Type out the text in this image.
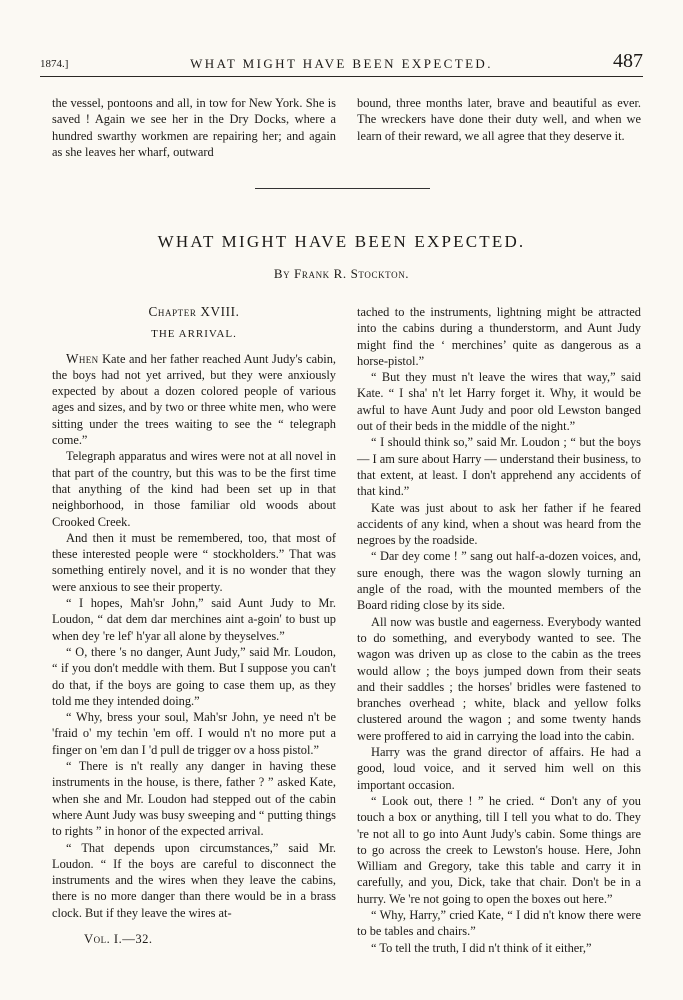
1874.]	WHAT MIGHT HAVE BEEN EXPECTED.	487

the vessel, pontoons and all, in tow for New York. She is saved ! Again we see her in the Dry Docks, where a hundred swarthy workmen are repairing her; and again as she leaves her wharf, outward

bound, three months later, brave and beautiful as ever. The wreckers have done their duty well, and when we learn of their reward, we all agree that they deserve it.

WHAT MIGHT HAVE BEEN EXPECTED.
By Frank R. Stockton.
Chapter XVIII.
THE ARRIVAL.

When Kate and her father reached Aunt Judy's cabin, the boys had not yet arrived, but they were anxiously expected by about a dozen colored people of various ages and sizes, and by two or three white men, who were sitting under the trees waiting to see the “ telegraph come.”

Telegraph apparatus and wires were not at all novel in that part of the country, but this was to be the first time that anything of the kind had been set up in that neighborhood, in those familiar old woods about Crooked Creek.

And then it must be remembered, too, that most of these interested people were “ stockholders.” That was something entirely novel, and it is no wonder that they were anxious to see their property.

“ I hopes, Mah'sr John,” said Aunt Judy to Mr. Loudon, “ dat dem dar merchines aint a-goin' to bust up when dey 're lef' h'yar all alone by theyselves.”

“ O, there 's no danger, Aunt Judy,” said Mr. Loudon, “ if you don't meddle with them. But I suppose you can't do that, if the boys are going to case them up, as they told me they intended doing.”

“ Why, bress your soul, Mah'sr John, ye need n't be 'fraid o' my techin 'em off. I would n't no more put a finger on 'em dan I 'd pull de trigger ov a hoss pistol.”

“ There is n't really any danger in having these instruments in the house, is there, father ? ” asked Kate, when she and Mr. Loudon had stepped out of the cabin where Aunt Judy was busy sweeping and “ putting things to rights ” in honor of the expected arrival.

“ That depends upon circumstances,” said Mr. Loudon. “ If the boys are careful to disconnect the instruments and the wires when they leave the cabins, there is no more danger than there would be in a brass clock. But if they leave the wires at-

tached to the instruments, lightning might be attracted into the cabins during a thunderstorm, and Aunt Judy might find the ‘ merchines’ quite as dangerous as a horse-pistol.”

“ But they must n't leave the wires that way,” said Kate. “ I sha' n't let Harry forget it. Why, it would be awful to have Aunt Judy and poor old Lewston banged out of their beds in the middle of the night.”

“ I should think so,” said Mr. Loudon ; “ but the boys — I am sure about Harry — understand their business, to that extent, at least. I don't apprehend any accidents of that kind.”

Kate was just about to ask her father if he feared accidents of any kind, when a shout was heard from the negroes by the roadside.

“ Dar dey come ! ” sang out half-a-dozen voices, and, sure enough, there was the wagon slowly turning an angle of the road, with the mounted members of the Board riding close by its side.

All now was bustle and eagerness. Everybody wanted to do something, and everybody wanted to see. The wagon was driven up as close to the cabin as the trees would allow ; the boys jumped down from their seats and their saddles ; the horses' bridles were fastened to branches overhead ; white, black and yellow folks clustered around the wagon ; and some twenty hands were proffered to aid in carrying the load into the cabin.

Harry was the grand director of affairs. He had a good, loud voice, and it served him well on this important occasion.

“ Look out, there ! ” he cried. “ Don't any of you touch a box or anything, till I tell you what to do. They 're not all to go into Aunt Judy's cabin. Some things are to go across the creek to Lewston's house. Here, John William and Gregory, take this table and carry it in carefully, and you, Dick, take that chair. Don't be in a hurry. We 're not going to open the boxes out here.”

“ Why, Harry,” cried Kate, “ I did n't know there were to be tables and chairs.”

“ To tell the truth, I did n't think of it either,”

Vol. I.—32.
